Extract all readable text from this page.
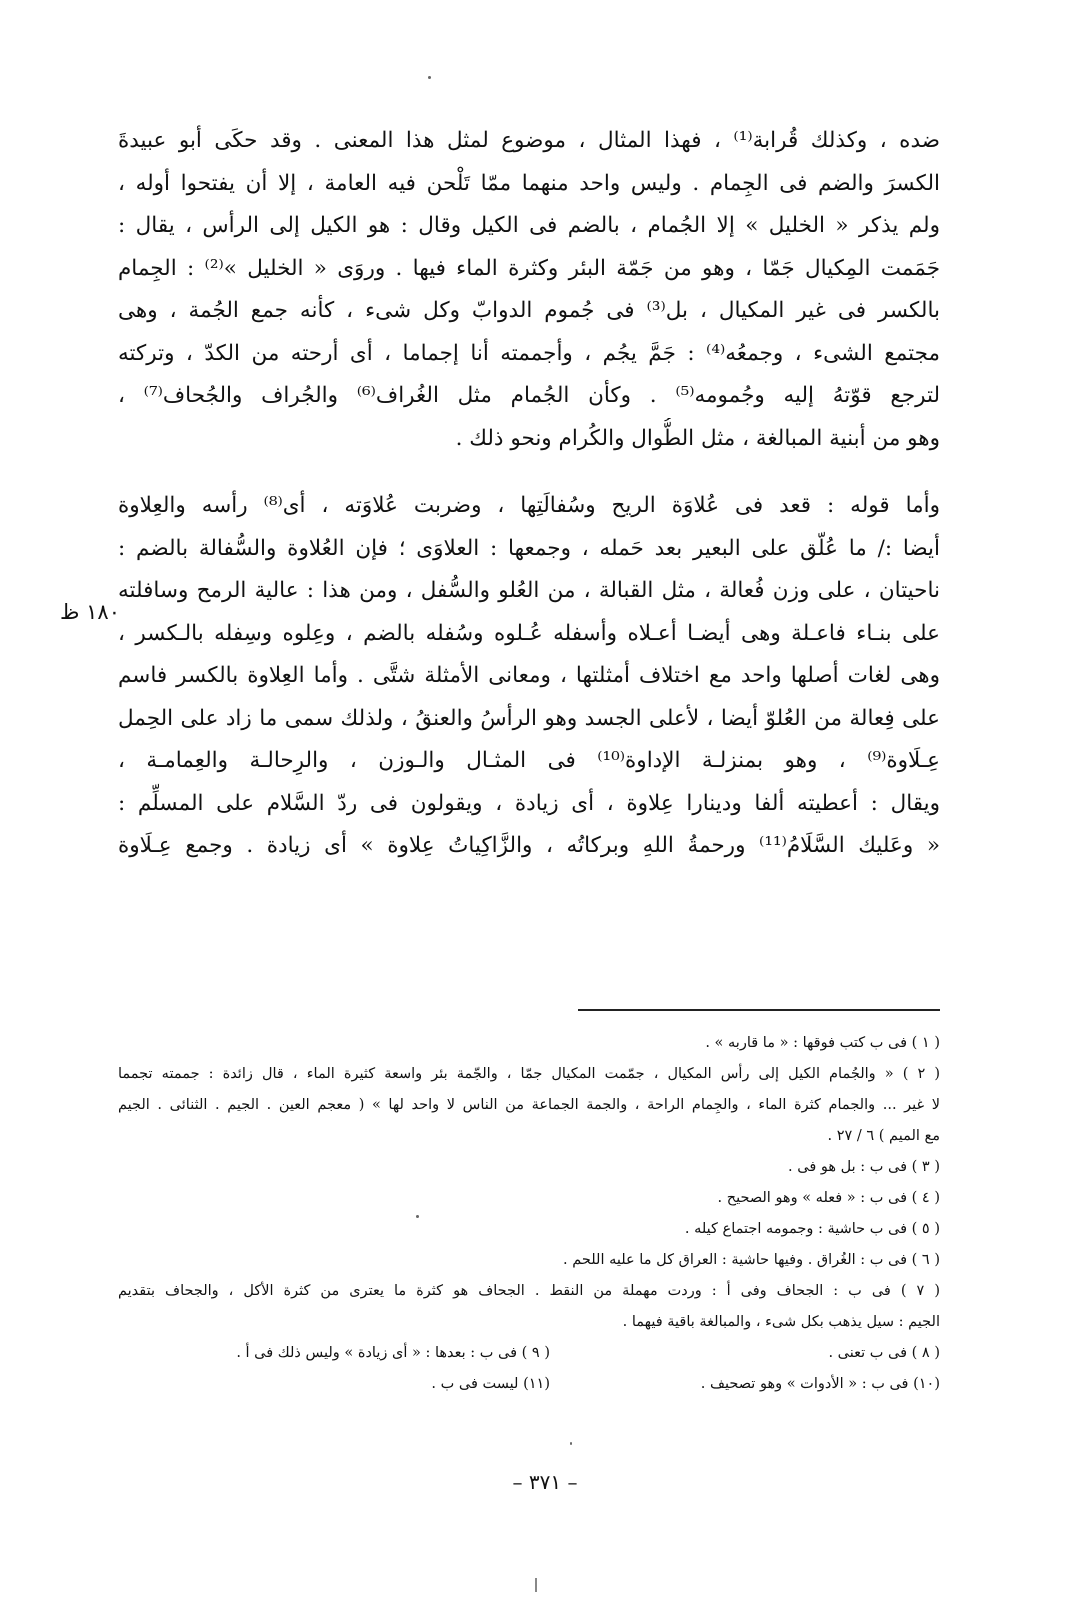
ضده ، وكذلك قُرابة⁽¹⁾ ، فهذا المثال ، موضوع لمثل هذا المعنى . وقد حكَى أبو عبيدةَ
الكسرَ والضم فى الجِمام . وليس واحد منهما ممّا تَلْحن فيه العامة ، إلا أن يفتحوا أوله ،
ولم يذكر « الخليل » إلا الجُمام ، بالضم فى الكيل وقال : هو الكيل إلى الرأس ، يقال :
جَمَمت المِكيال جَمّا ، وهو من جَمّة البئر وكثرة الماء فيها . وروَى « الخليل »⁽²⁾ : الجِمام
بالكسر فى غير المكيال ، بل⁽³⁾ فى جُموم الدوابّ وكل شىء ، كأنه جمع الجُمة ، وهى
مجتمع الشىء ، وجمعُه⁽⁴⁾ : جَمَّ يجُم ، وأجممته أنا إجماما ، أى أرحته من الكدّ ، وتركته
لترجع قوّتهُ إليه وجُمومه⁽⁵⁾ . وكأن الجُمام مثل الغُراف⁽⁶⁾ والجُراف والجُحاف⁽⁷⁾ ،
وهو من أبنية المبالغة ، مثل الطُّوال والكُرام ونحو ذلك .
وأما قوله : قعد فى عُلاوَة الريح وسُفالَتِها ، وضربت عُلاوَته ، أى⁽⁸⁾ رأسه والعِلاوة
أيضا :/ ما عُلّق على البعير بعد حَمله ، وجمعها : العلاوَى ؛ فإن العُلاوة والسُّفالة بالضم :
ناحيتان ، على وزن فُعالة ، مثل القبالة ، من العُلو والسُّفل ، ومن هذا : عالية الرمح وسافلته
على بنـاء فاعـلة وهى أيضـا أعـلاه وأسفله عُـلوه وسُفله بالضم ، وعِلوه وسِفله بالـكسر ،
وهى لغات أصلها واحد مع اختلاف أمثلتها ، ومعانى الأمثلة شتَّى . وأما العِلاوة بالكسر فاسم
على فِعالة من العُلوّ أيضا ، لأعلى الجسد وهو الرأسُ والعنقُ ، ولذلك سمى ما زاد على الحِمل
عِـلَاوة⁽⁹⁾ ، وهو بمنزلـة الإداوة⁽¹⁰⁾ فى المثـال والـوزن ، والرِحالـة والعِمامـة ،
ويقال : أعطيته ألفا ودينارا عِلاوة ، أى زيادة ، ويقولون فى ردّ السَّلام على المسلِّم :
« وعَليك السَّلَامُ⁽¹¹⁾ ورحمةُ اللهِ وبركاتُه ، والزَّاكِياتُ عِلاوة » أى زيادة . وجمع عِـلَاوة
١٨٠ ظ
( ١ ) فى ب كتب فوقها : « ما قاربه » .
( ٢ ) « والجُمام الكيل إلى رأس المكيال ، جمّمت المكيال جمّا ، والجّمة بئر واسعة كثيرة الماء ، قال زائدة : جممته تجمما
لا غير ... والجمام كثرة الماء ، والجِمام الراحة ، والجمة الجماعة من الناس لا واحد لها » ( معجم العين . الجيم . الثنائى . الجيم
مع الميم ) ٦ / ٢٧ .
( ٣ ) فى ب : بل هو فى .
( ٤ ) فى ب : « فعله » وهو الصحيح .
( ٥ ) فى ب حاشية : وجمومه اجتماع كيله .
( ٦ ) فى ب : الغُراق . وفيها حاشية : العراق كل ما عليه اللحم .
( ٧ ) فى ب : الجحاف وفى أ : وردت مهملة من النقط . الجحاف هو كثرة ما يعترى من كثرة الأكل ، والجحاف بتقديم
الجيم : سيل يذهب بكل شىء ، والمبالغة باقية فيهما .
( ٨ ) فى ب تعنى .
( ٩ ) فى ب : بعدها : « أى زيادة » وليس ذلك فى أ .
(١٠) فى ب : « الأدوات » وهو تصحيف .
(١١) ليست فى ب .
– ٣٧١ –
